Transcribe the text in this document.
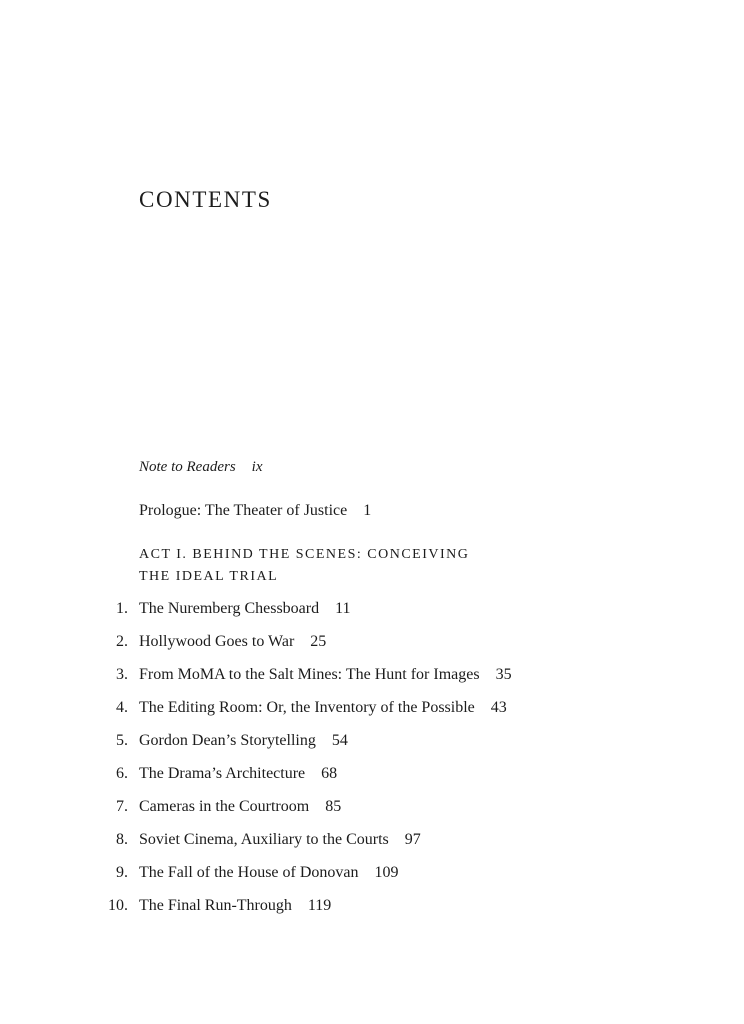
CONTENTS
Note to Readers ix
Prologue: The Theater of Justice 1
ACT I. BEHIND THE SCENES: CONCEIVING
THE IDEAL TRIAL
1. The Nuremberg Chessboard 11
2. Hollywood Goes to War 25
3. From MoMA to the Salt Mines: The Hunt for Images 35
4. The Editing Room: Or, the Inventory of the Possible 43
5. Gordon Dean’s Storytelling 54
6. The Drama’s Architecture 68
7. Cameras in the Courtroom 85
8. Soviet Cinema, Auxiliary to the Courts 97
9. The Fall of the House of Donovan 109
10. The Final Run-Through 119
